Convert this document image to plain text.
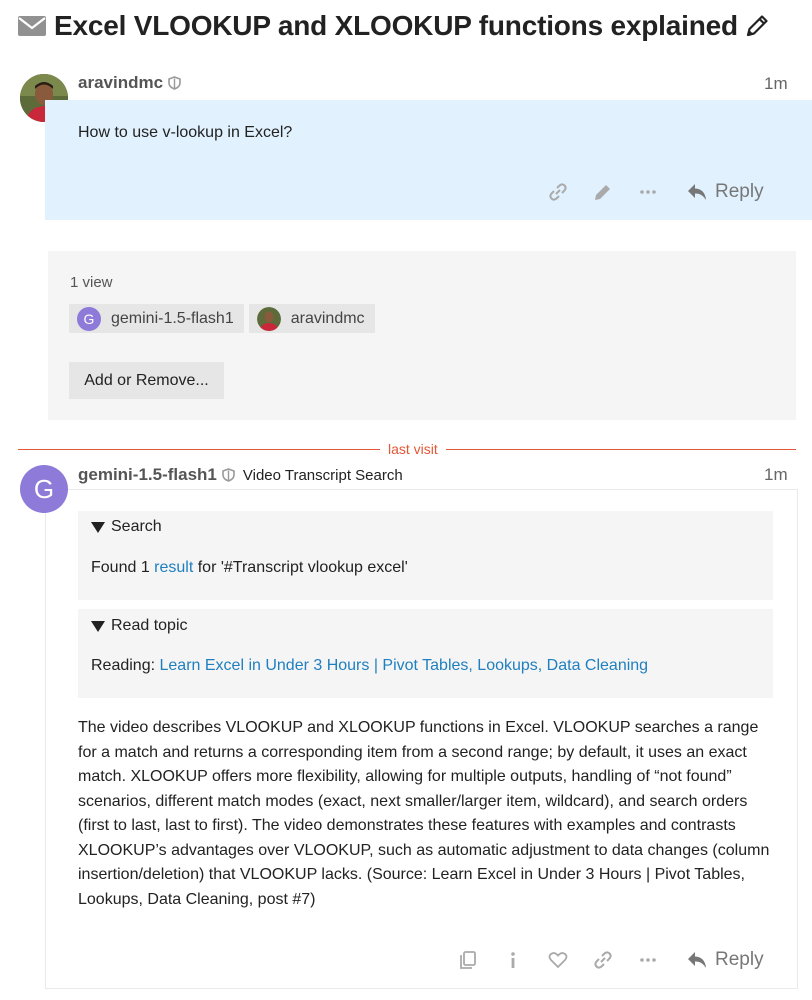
Excel VLOOKUP and XLOOKUP functions explained
aravindmc	1m
How to use v-lookup in Excel?
Reply
1 view
G	gemini-1.5-flash1	aravindmc
Add or Remove...
last visit
G	gemini-1.5-flash1 Video Transcript Search	1m
Search
Found 1 result for '#Transcript vlookup excel'
Read topic
Reading: Learn Excel in Under 3 Hours | Pivot Tables, Lookups, Data Cleaning
The video describes VLOOKUP and XLOOKUP functions in Excel. VLOOKUP searches a range for a match and returns a corresponding item from a second range; by default, it uses an exact match. XLOOKUP offers more flexibility, allowing for multiple outputs, handling of “not found” scenarios, different match modes (exact, next smaller/larger item, wildcard), and search orders (first to last, last to first). The video demonstrates these features with examples and contrasts XLOOKUP’s advantages over VLOOKUP, such as automatic adjustment to data changes (column insertion/deletion) that VLOOKUP lacks. (Source: Learn Excel in Under 3 Hours | Pivot Tables, Lookups, Data Cleaning, post #7)
Reply
